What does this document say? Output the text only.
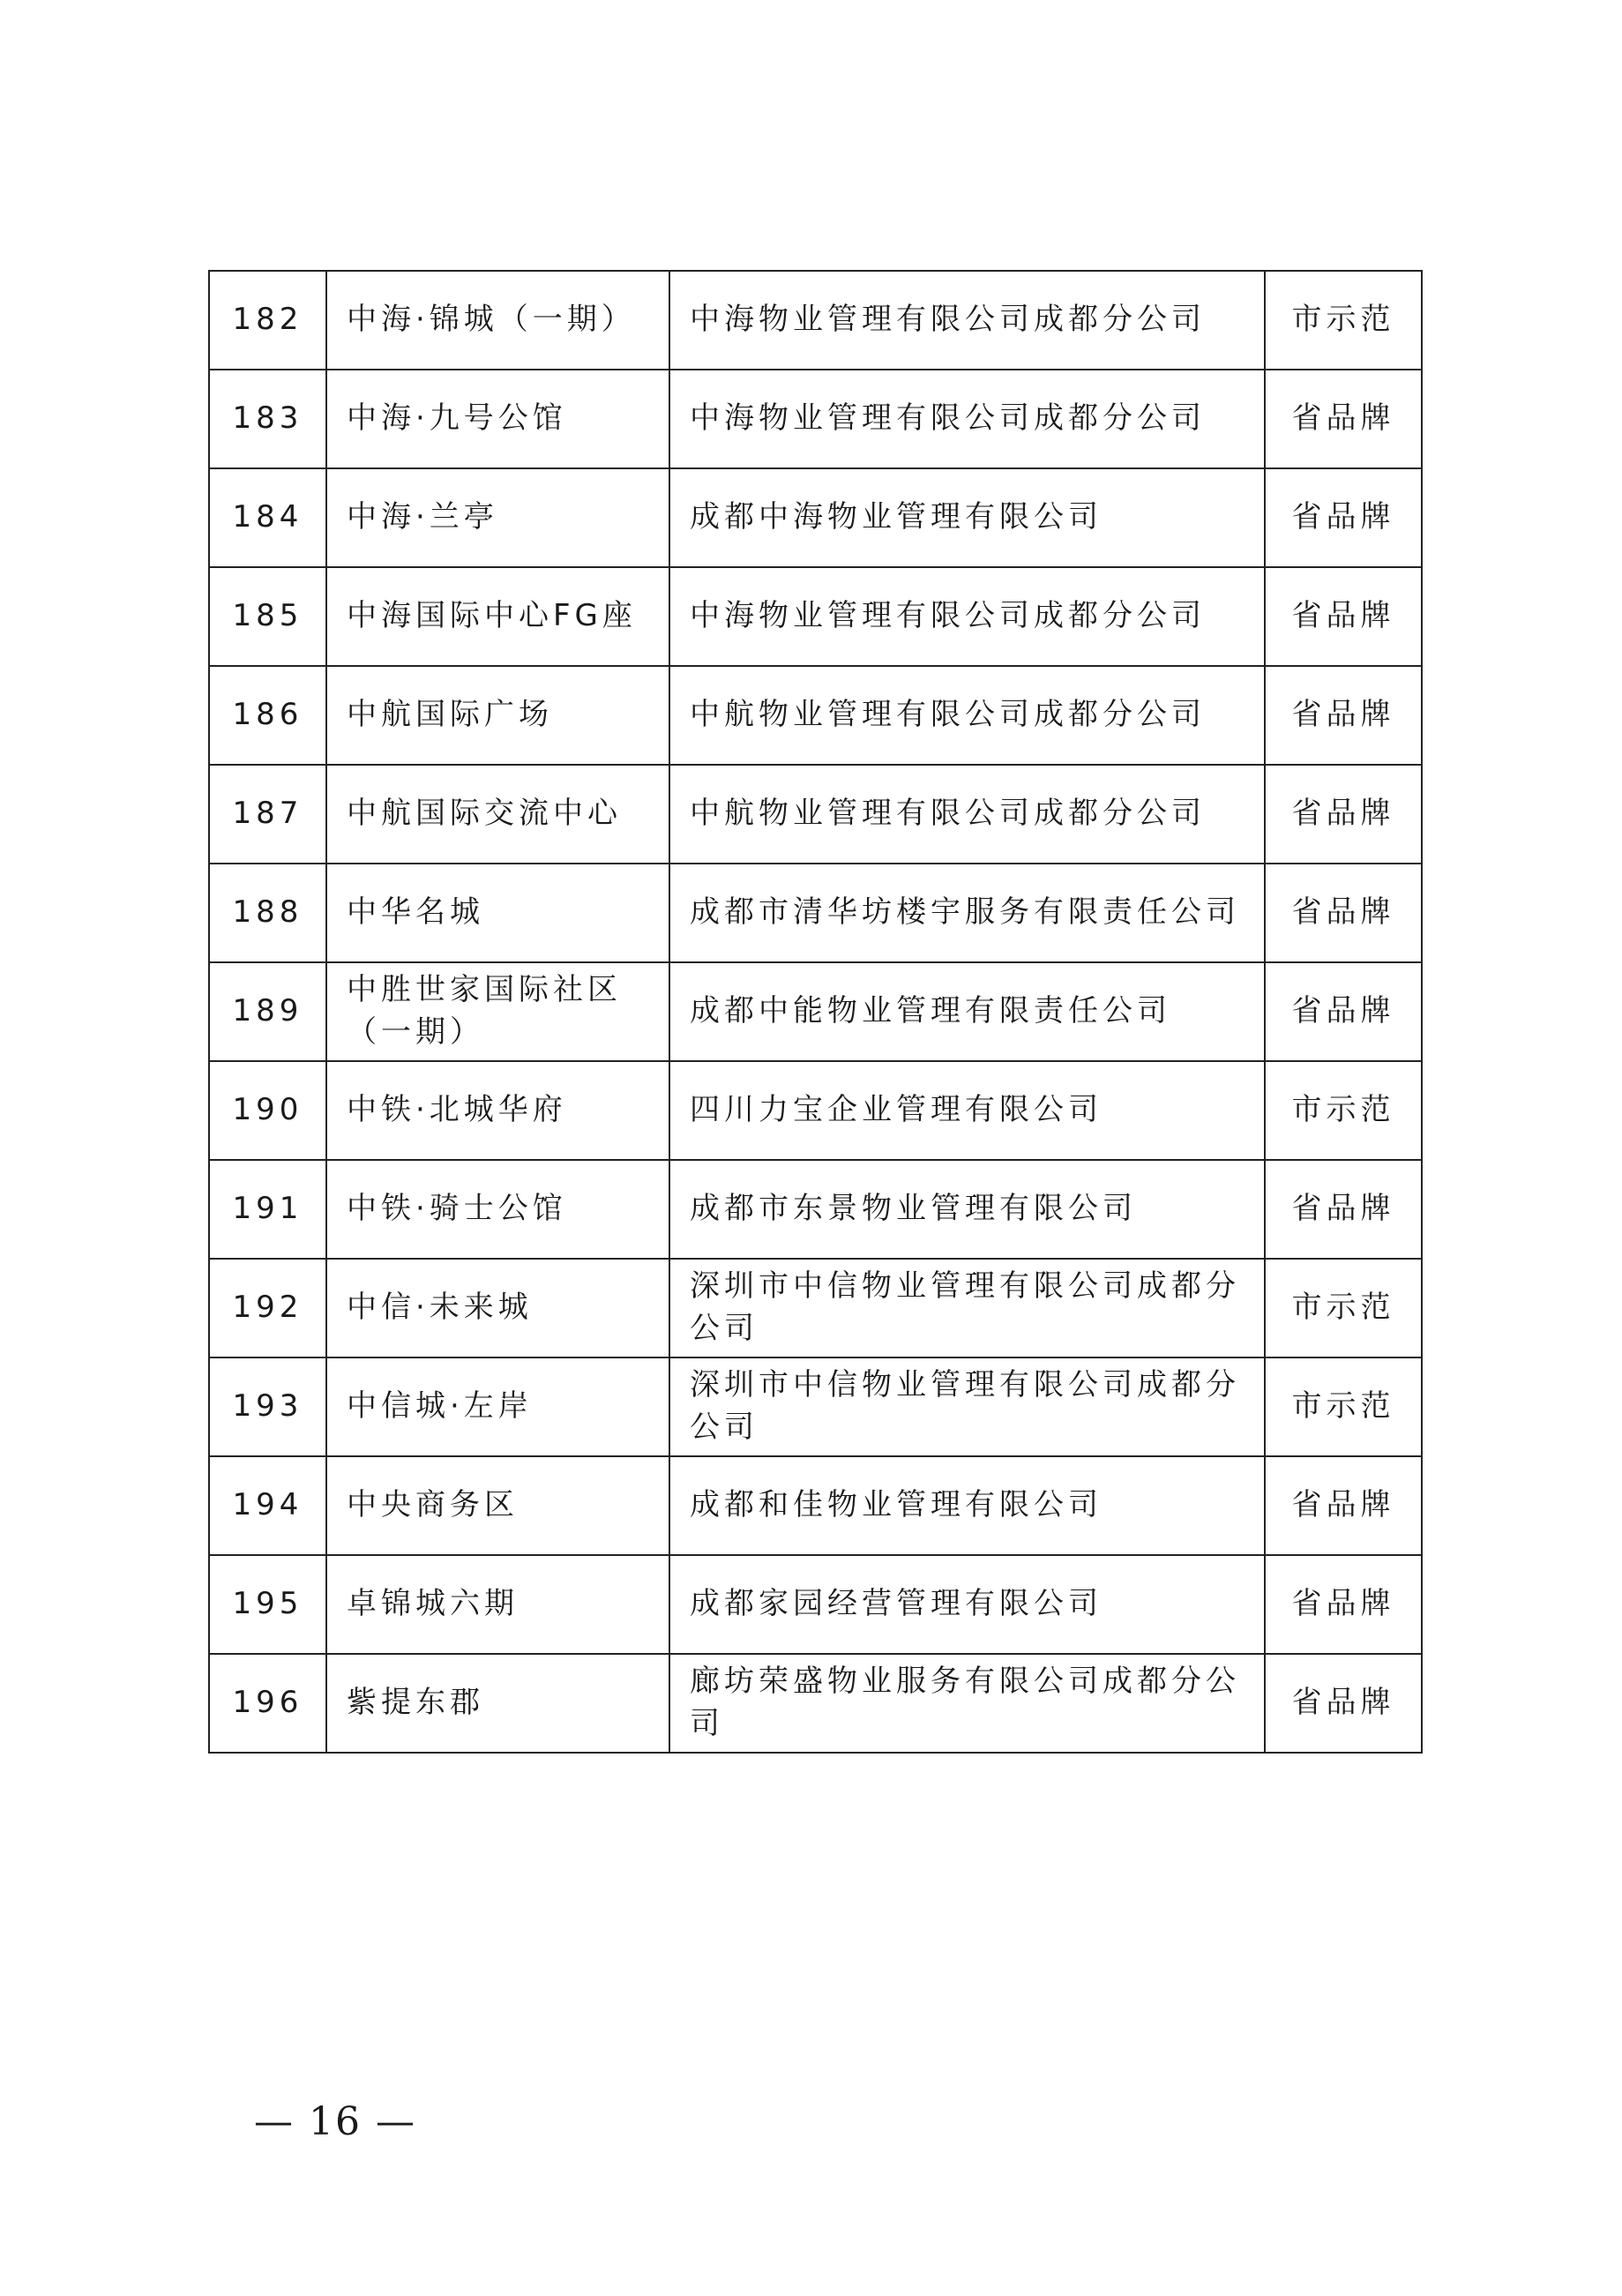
182	中海·锦城（一期）	中海物业管理有限公司成都分公司	市示范
183	中海·九号公馆	中海物业管理有限公司成都分公司	省品牌
184	中海·兰亭	成都中海物业管理有限公司	省品牌
185	中海国际中心FG座	中海物业管理有限公司成都分公司	省品牌
186	中航国际广场	中航物业管理有限公司成都分公司	省品牌
187	中航国际交流中心	中航物业管理有限公司成都分公司	省品牌
188	中华名城	成都市清华坊楼宇服务有限责任公司	省品牌
189	中胜世家国际社区（一期）	成都中能物业管理有限责任公司	省品牌
190	中铁·北城华府	四川力宝企业管理有限公司	市示范
191	中铁·骑士公馆	成都市东景物业管理有限公司	省品牌
192	中信·未来城	深圳市中信物业管理有限公司成都分公司	市示范
193	中信城·左岸	深圳市中信物业管理有限公司成都分公司	市示范
194	中央商务区	成都和佳物业管理有限公司	省品牌
195	卓锦城六期	成都家园经营管理有限公司	省品牌
196	紫提东郡	廊坊荣盛物业服务有限公司成都分公司	省品牌
— 16 —
